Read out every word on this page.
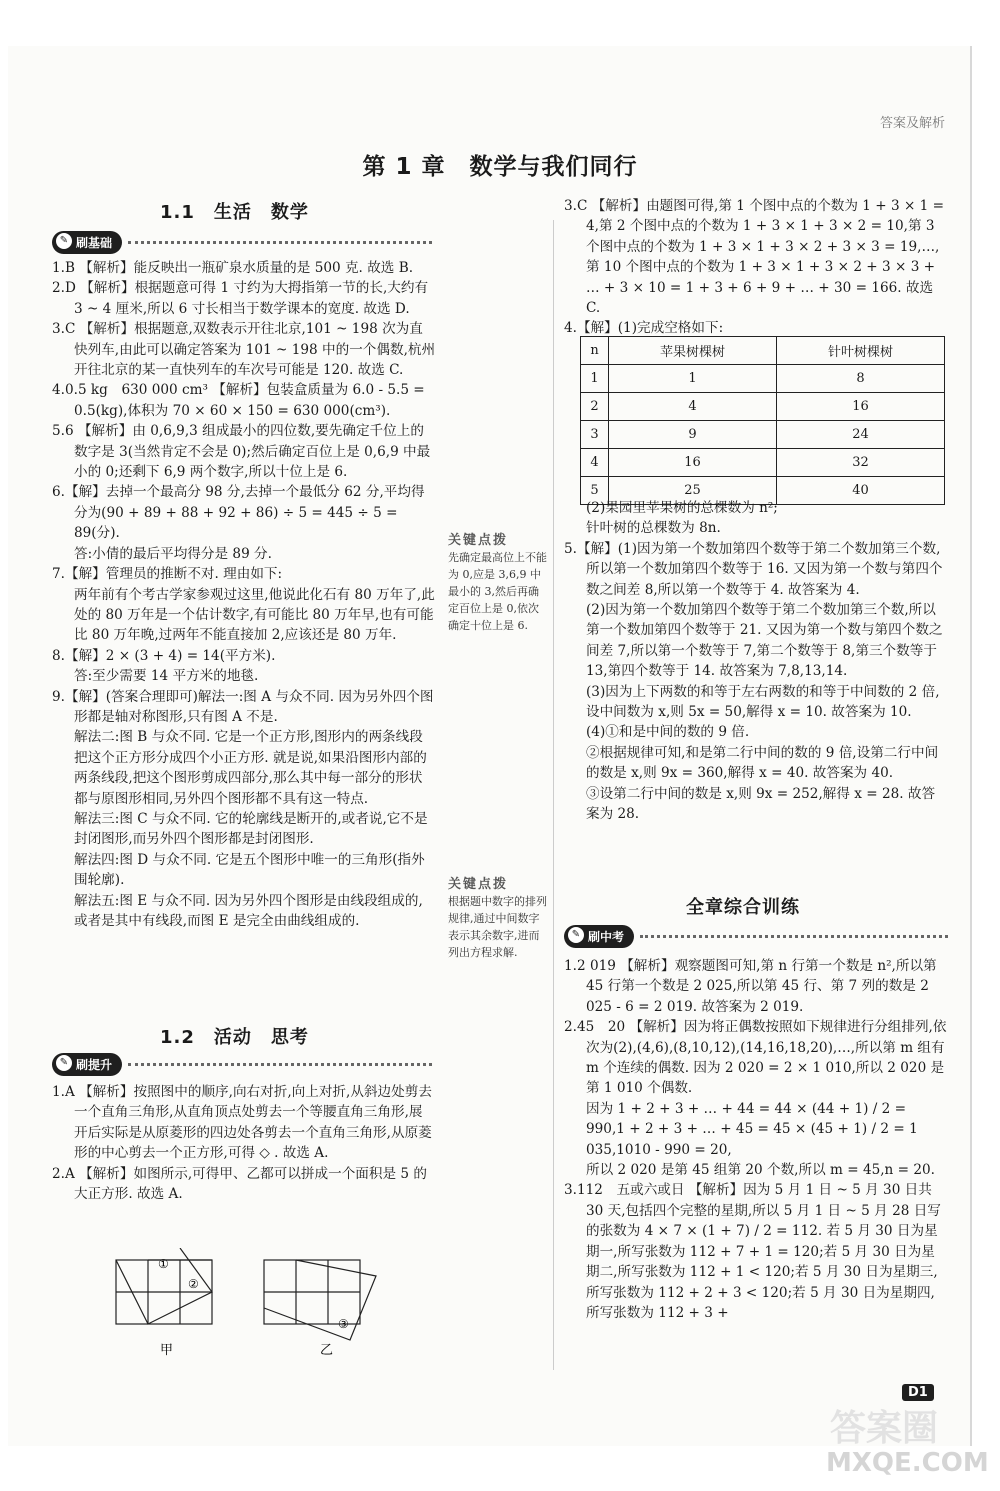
答案及解析
第 1 章　数学与我们同行
1.1　生活　数学
✎ 刷基础

1.B 【解析】能反映出一瓶矿泉水质量的是 500 克. 故选 B.

2.D 【解析】根据题意可得 1 寸约为大拇指第一节的长,大约有 3 ~ 4 厘米,所以 6 寸长相当于数学课本的宽度. 故选 D.

3.C 【解析】根据题意,双数表示开往北京,101 ~ 198 次为直快列车,由此可以确定答案为 101 ~ 198 中的一个偶数,杭州开往北京的某一直快列车的车次号可能是 120. 故选 C.

4.0.5 kg　630 000 cm³ 【解析】包装盒质量为 6.0 - 5.5 = 0.5(kg),体积为 70 × 60 × 150 = 630 000(cm³).

5.6 【解析】由 0,6,9,3 组成最小的四位数,要先确定千位上的数字是 3(当然肯定不会是 0);然后确定百位上是 0,6,9 中最小的 0;还剩下 6,9 两个数字,所以十位上是 6.

6.【解】去掉一个最高分 98 分,去掉一个最低分 62 分,平均得分为(90 + 89 + 88 + 92 + 86) ÷ 5 = 445 ÷ 5 = 89(分).

答:小倩的最后平均得分是 89 分.

7.【解】管理员的推断不对. 理由如下:

两年前有个考古学家参观过这里,他说此化石有 80 万年了,此处的 80 万年是一个估计数字,有可能比 80 万年早,也有可能比 80 万年晚,过两年不能直接加 2,应该还是 80 万年.

8.【解】2 × (3 + 4) = 14(平方米).

答:至少需要 14 平方米的地毯.

9.【解】(答案合理即可)解法一:图 A 与众不同. 因为另外四个图形都是轴对称图形,只有图 A 不是.

解法二:图 B 与众不同. 它是一个正方形,图形内的两条线段把这个正方形分成四个小正方形. 就是说,如果沿图形内部的两条线段,把这个图形剪成四部分,那么其中每一部分的形状都与原图形相同,另外四个图形都不具有这一特点.

解法三:图 C 与众不同. 它的轮廓线是断开的,或者说,它不是封闭图形,而另外四个图形都是封闭图形.

解法四:图 D 与众不同. 它是五个图形中唯一的三角形(指外围轮廓).

解法五:图 E 与众不同. 因为另外四个图形是由线段组成的,或者是其中有线段,而图 E 是完全由曲线组成的.

关键点拨
先确定最高位上不能为 0,应是 3,6,9 中最小的 3,然后再确定百位上是 0,依次确定十位上是 6.
关键点拨
根据题中数字的排列规律,通过中间数字表示其余数字,进而列出方程求解.
1.2　活动　思考
✎ 刷提升

1.A 【解析】按照图中的顺序,向右对折,向上对折,从斜边处剪去一个直角三角形,从直角顶点处剪去一个等腰直角三角形,展开后实际是从原菱形的四边处各剪去一个直角三角形,从原菱形的中心剪去一个正方形,可得 ◇ . 故选 A.

2.A 【解析】如图所示,可得甲、乙都可以拼成一个面积是 5 的大正方形. 故选 A.

①
②
③
甲	乙

3.C 【解析】由题图可得,第 1 个图中点的个数为 1 + 3 × 1 = 4,第 2 个图中点的个数为 1 + 3 × 1 + 3 × 2 = 10,第 3 个图中点的个数为 1 + 3 × 1 + 3 × 2 + 3 × 3 = 19,…,第 10 个图中点的个数为 1 + 3 × 1 + 3 × 2 + 3 × 3 + … + 3 × 10 = 1 + 3 + 6 + 9 + … + 30 = 166. 故选 C.

4.【解】(1)完成空格如下:

n	苹果树棵树	针叶树棵树
1	1	8
2	4	16
3	9	24
4	16	32
5	25	40

(2)果园里苹果树的总棵数为 n²;

针叶树的总棵数为 8n.

5.【解】(1)因为第一个数加第四个数等于第二个数加第三个数,所以第一个数加第四个数等于 16. 又因为第一个数与第四个数之间差 8,所以第一个数等于 4. 故答案为 4.

(2)因为第一个数加第四个数等于第二个数加第三个数,所以第一个数加第四个数等于 21. 又因为第一个数与第四个数之间差 7,所以第一个数等于 7,第二个数等于 8,第三个数等于 13,第四个数等于 14. 故答案为 7,8,13,14.

(3)因为上下两数的和等于左右两数的和等于中间数的 2 倍,设中间数为 x,则 5x = 50,解得 x = 10. 故答案为 10.

(4)①和是中间的数的 9 倍.

②根据规律可知,和是第二行中间的数的 9 倍,设第二行中间的数是 x,则 9x = 360,解得 x = 40. 故答案为 40.

③设第二行中间的数是 x,则 9x = 252,解得 x = 28. 故答案为 28.

全章综合训练
✎ 刷中考

1.2 019 【解析】观察题图可知,第 n 行第一个数是 n²,所以第 45 行第一个数是 2 025,所以第 45 行、第 7 列的数是 2 025 - 6 = 2 019. 故答案为 2 019.

2.45　20 【解析】因为将正偶数按照如下规律进行分组排列,依次为(2),(4,6),(8,10,12),(14,16,18,20),…,所以第 m 组有 m 个连续的偶数. 因为 2 020 = 2 × 1 010,所以 2 020 是第 1 010 个偶数.

因为 1 + 2 + 3 + … + 44 = 44 × (44 + 1) / 2 = 990,1 + 2 + 3 + … + 45 = 45 × (45 + 1) / 2 = 1 035,1010 - 990 = 20,

所以 2 020 是第 45 组第 20 个数,所以 m = 45,n = 20.

3.112　五或六或日 【解析】因为 5 月 1 日 ~ 5 月 30 日共 30 天,包括四个完整的星期,所以 5 月 1 日 ~ 5 月 28 日写的张数为 4 × 7 × (1 + 7) / 2 = 112. 若 5 月 30 日为星期一,所写张数为 112 + 7 + 1 = 120;若 5 月 30 日为星期二,所写张数为 112 + 1 < 120;若 5 月 30 日为星期三,所写张数为 112 + 2 + 3 < 120;若 5 月 30 日为星期四,所写张数为 112 + 3 +

D1
答案圈
MXQE.COM
